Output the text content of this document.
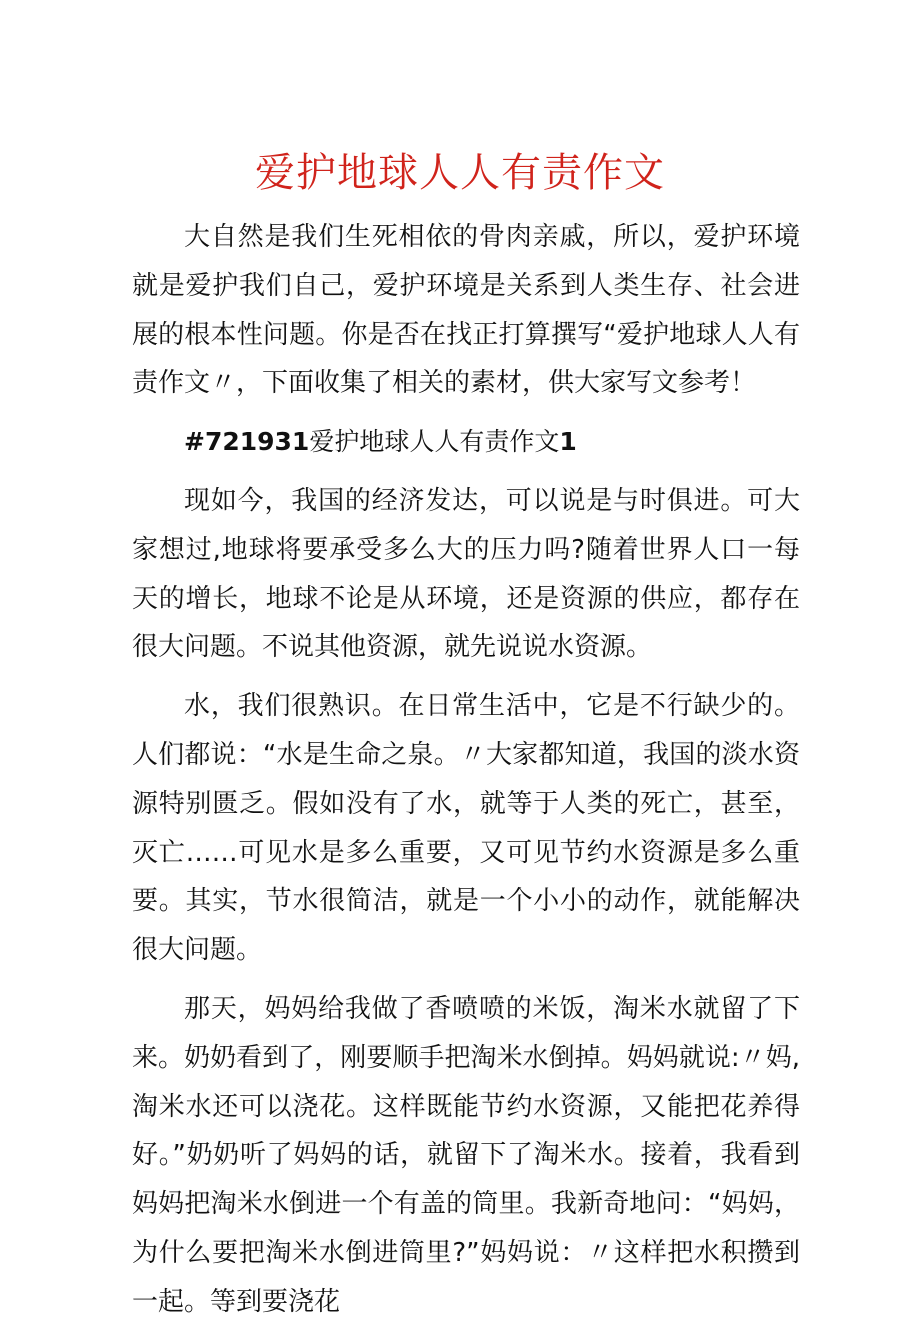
爱护地球人人有责作文

大自然是我们生死相依的骨肉亲戚，所以，爱护环境就是爱护我们自己，爱护环境是关系到人类生存、社会进展的根本性问题。你是否在找正打算撰写“爱护地球人人有责作文〃，下面收集了相关的素材，供大家写文参考！

#721931爱护地球人人有责作文1

现如今，我国的经济发达，可以说是与时俱进。可大家想过,地球将要承受多么大的压力吗?随着世界人口一每天的增长，地球不论是从环境，还是资源的供应，都存在很大问题。不说其他资源，就先说说水资源。

水，我们很熟识。在日常生活中，它是不行缺少的。人们都说：“水是生命之泉。〃大家都知道，我国的淡水资源特别匮乏。假如没有了水，就等于人类的死亡，甚至，灭亡……可见水是多么重要，又可见节约水资源是多么重要。其实，节水很简洁，就是一个小小的动作，就能解决很大问题。

那天，妈妈给我做了香喷喷的米饭，淘米水就留了下来。奶奶看到了，刚要顺手把淘米水倒掉。妈妈就说:〃妈,淘米水还可以浇花。这样既能节约水资源，又能把花养得好。”奶奶听了妈妈的话，就留下了淘米水。接着，我看到妈妈把淘米水倒进一个有盖的筒里。我新奇地问：“妈妈，为什么要把淘米水倒进筒里?”妈妈说：〃这样把水积攒到一起。等到要浇花
